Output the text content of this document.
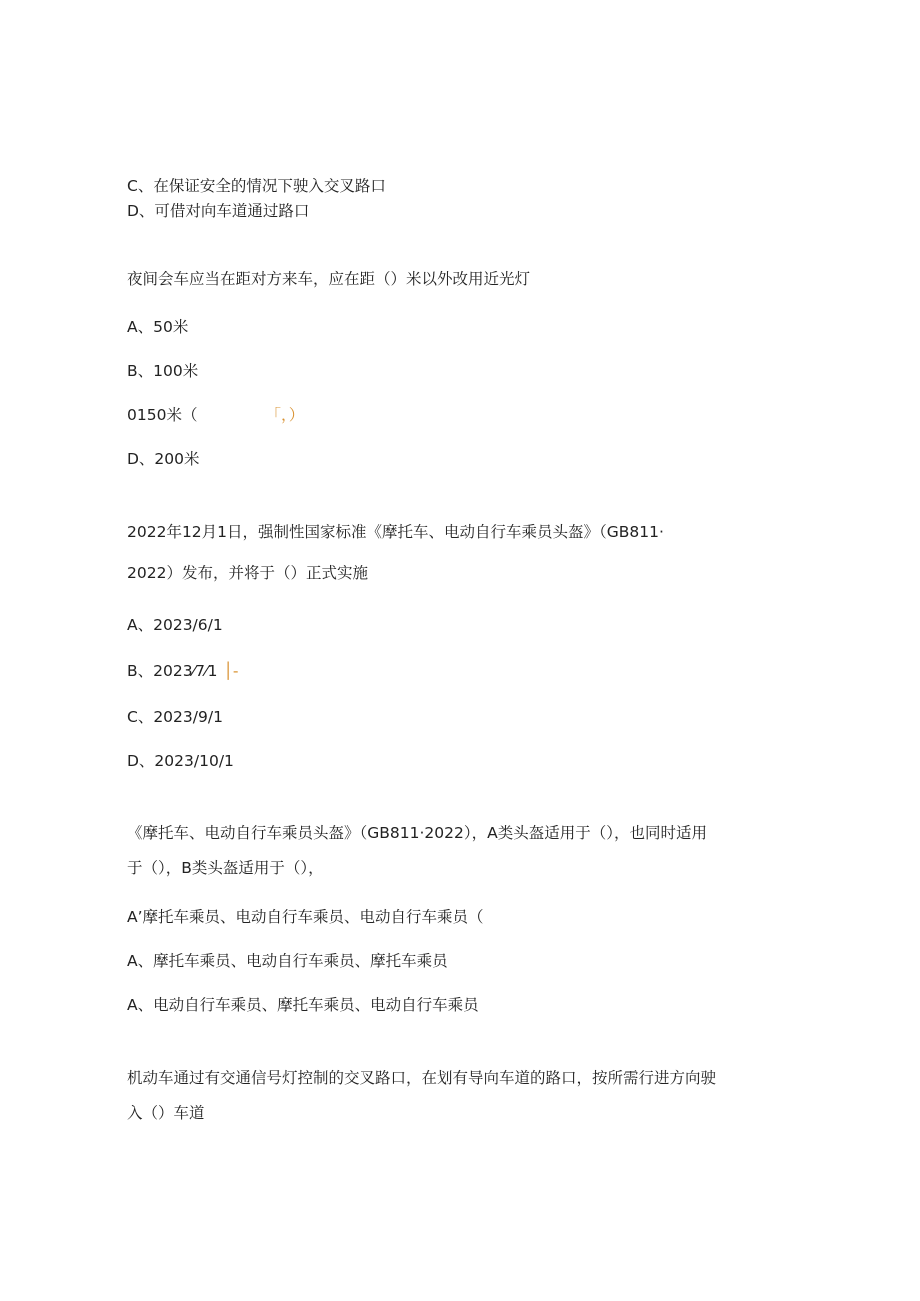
C、在保证安全的情况下驶入交叉路口
D、可借对向车道通过路口
夜间会车应当在距对方来车，应在距（）米以外改用近光灯
A、50米
B、100米
0150米（	「，）
D、200米
2022年12月1日，强制性国家标准《摩托车、电动自行车乘员头盔》（GB811·
2022）发布，并将于（）正式实施
A、2023/6/1
B、2023⁄7⁄1 │-
C、2023/9/1
D、2023/10/1
《摩托车、电动自行车乘员头盔》（GB811·2022），A类头盔适用于（），也同时适用
于（），B类头盔适用于（），
A’摩托车乘员、电动自行车乘员、电动自行车乘员（
A、摩托车乘员、电动自行车乘员、摩托车乘员
A、电动自行车乘员、摩托车乘员、电动自行车乘员
机动车通过有交通信号灯控制的交叉路口，在划有导向车道的路口，按所需行进方向驶
入（）车道
